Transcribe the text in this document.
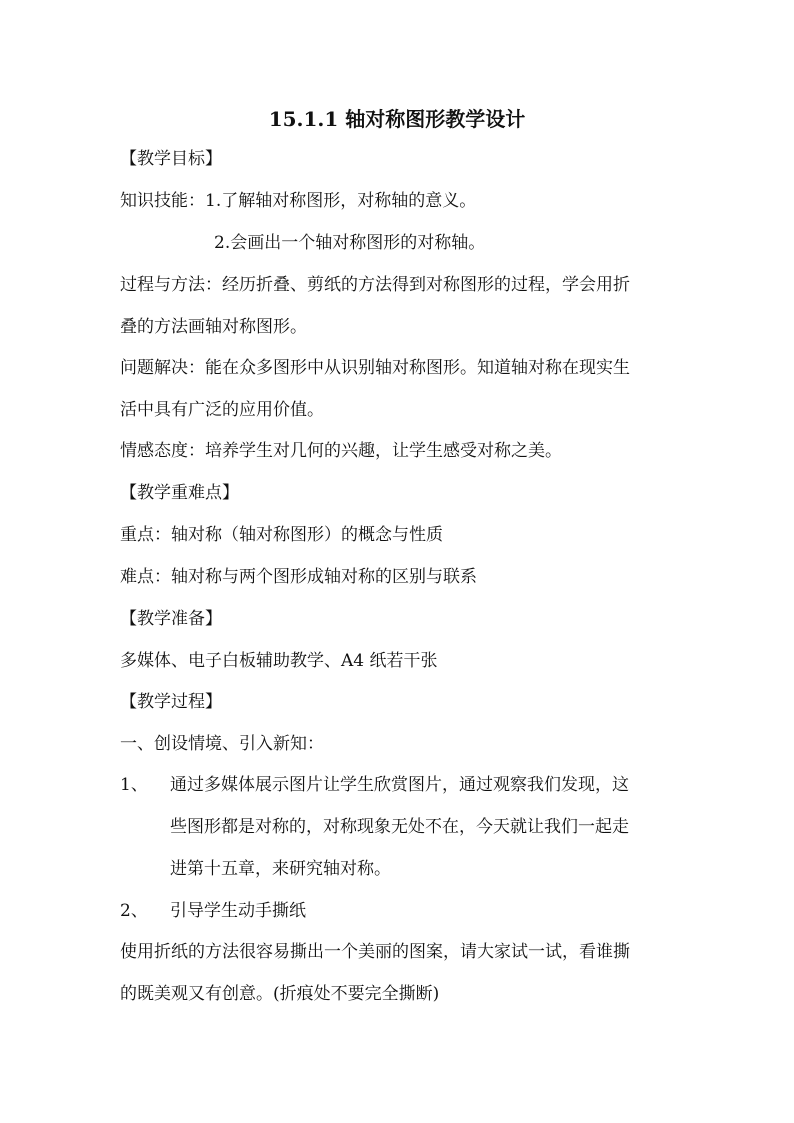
15.1.1 轴对称图形教学设计
【教学目标】
知识技能：1.了解轴对称图形，对称轴的意义。
2.会画出一个轴对称图形的对称轴。
过程与方法：经历折叠、剪纸的方法得到对称图形的过程，学会用折
叠的方法画轴对称图形。
问题解决：能在众多图形中从识别轴对称图形。知道轴对称在现实生
活中具有广泛的应用价值。
情感态度：培养学生对几何的兴趣，让学生感受对称之美。
【教学重难点】
重点：轴对称（轴对称图形）的概念与性质
难点：轴对称与两个图形成轴对称的区别与联系
【教学准备】
多媒体、电子白板辅助教学、A4 纸若干张
【教学过程】
一、创设情境、引入新知：
1、	通过多媒体展示图片让学生欣赏图片，通过观察我们发现，这
些图形都是对称的，对称现象无处不在，今天就让我们一起走
进第十五章，来研究轴对称。
2、	引导学生动手撕纸
使用折纸的方法很容易撕出一个美丽的图案，请大家试一试，看谁撕
的既美观又有创意。(折痕处不要完全撕断)
